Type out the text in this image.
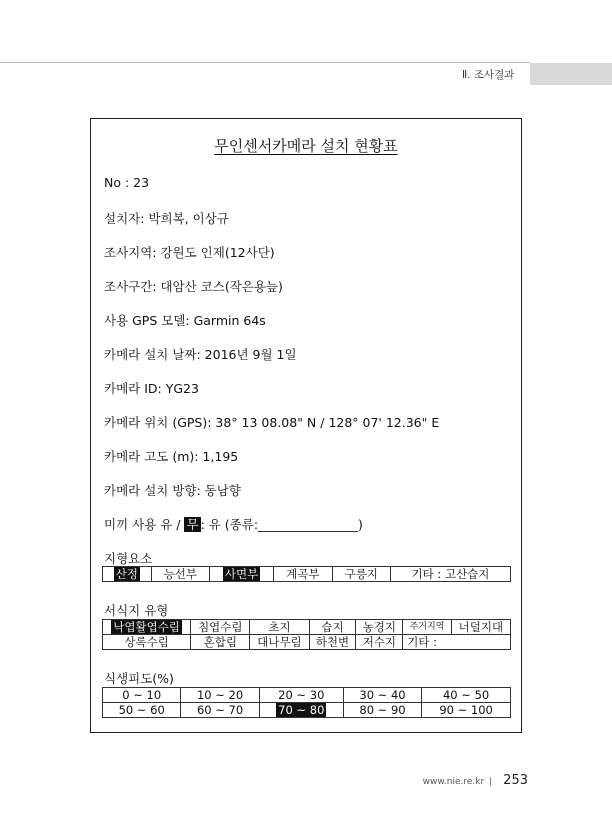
Ⅱ. 조사결과
무인센서카메라 설치 현황표
No : 23
설치자: 박희복, 이상규
조사지역: 강원도 인제(12사단)
조사구간: 대암산 코스(작은용늪)
사용 GPS 모델: Garmin 64s
카메라 설치 날짜: 2016년 9월 1일
카메라 ID: YG23
카메라 위치 (GPS): 38° 13 08.08" N / 128° 07' 12.36" E
카메라 고도 (m): 1,195
카메라 설치 방향: 동남향
미끼 사용 유 / 무 : 유 (종류:________________)
지형요소
산정	능선부	사면부	계곡부	구릉지	기타 : 고산습지
서식지 유형
낙엽활엽수림	침엽수림	초지	습지	농경지	주거지역	너덜지대
상록수림	혼합림	대나무림	하천변	저수지	기타 :	
식생피도(%)
0 ~ 10	10 ~ 20	20 ~ 30	30 ~ 40	40 ~ 50
50 ~ 60	60 ~ 70	70 ~ 80	80 ~ 90	90 ~ 100
www.nie.re.kr 253
